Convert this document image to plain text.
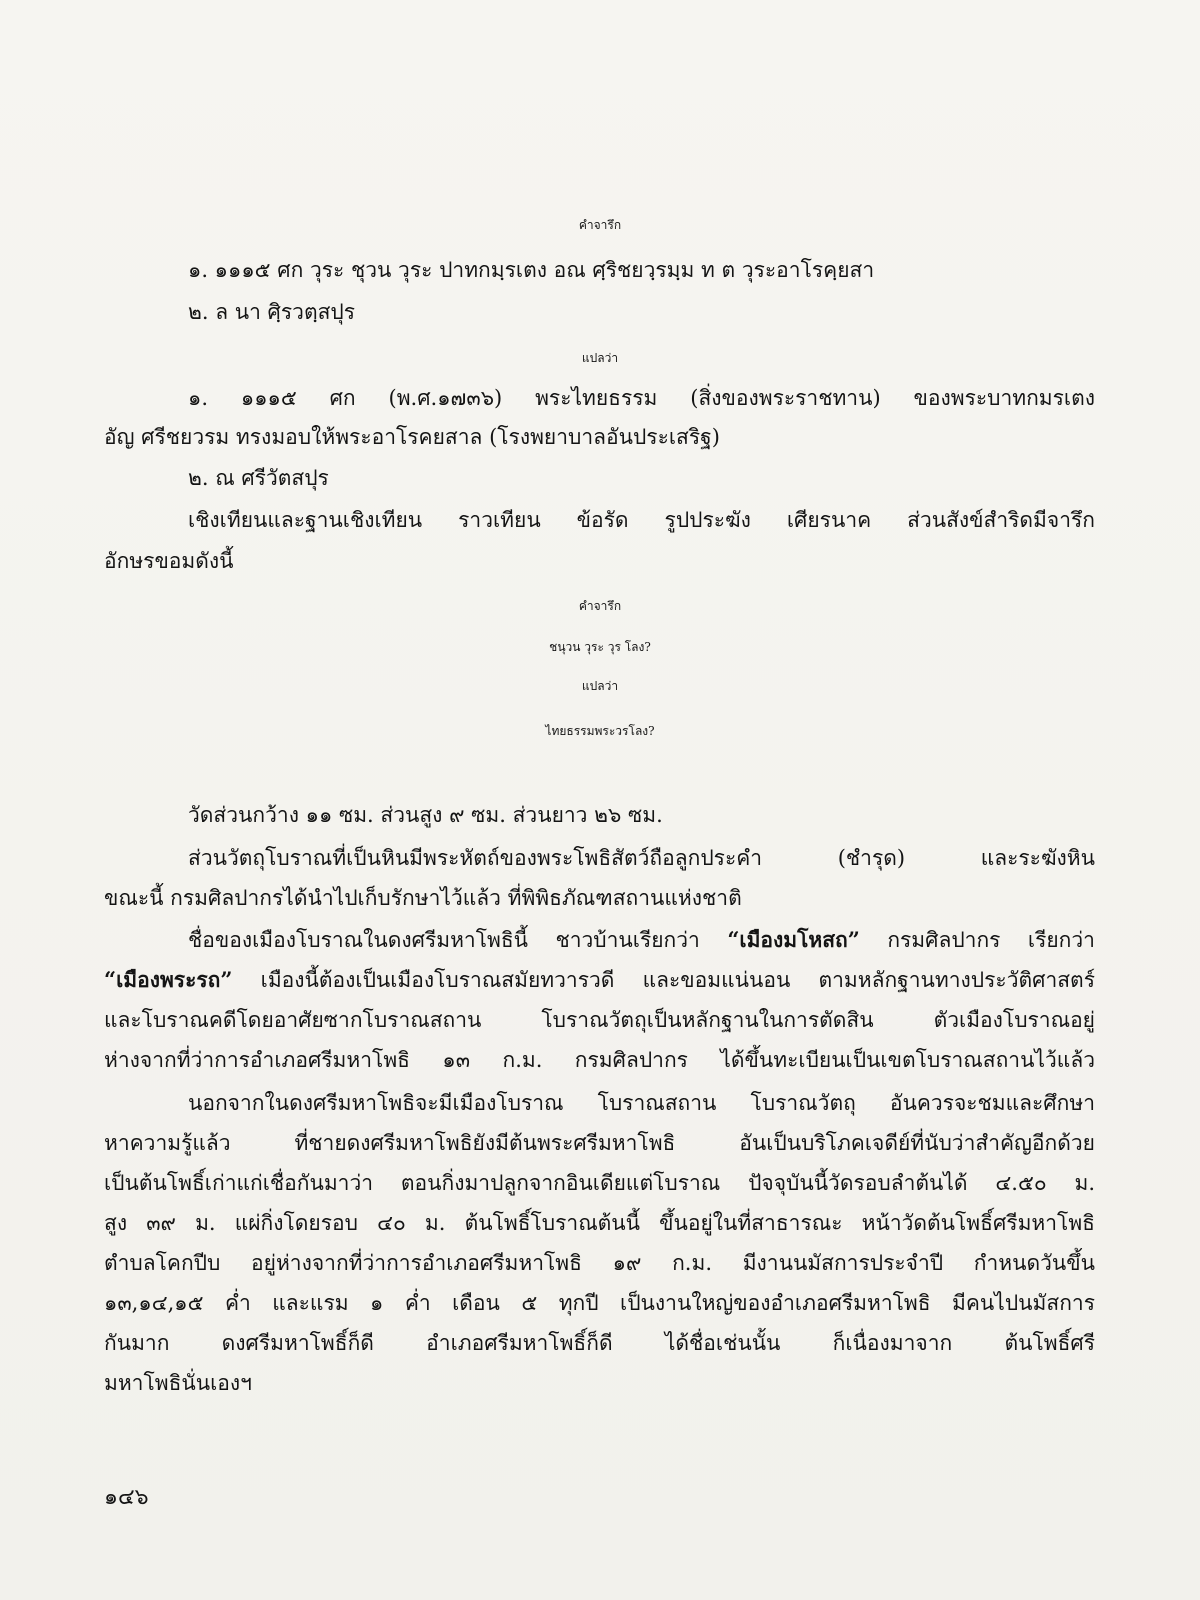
คำจารึก
๑. ๑๑๑๕ ศก วุระ ชุวน วุระ ปาทกมฺรเตง อณ ศฺริชยวฺรมฺม ท ต วุระอาโรคฺยสา
๒. ล นา ศฺิรวตฺสปุร
แปลว่า
๑. ๑๑๑๕ ศก (พ.ศ.๑๗๓๖) พระไทยธรรม (สิ่งของพระราชทาน) ของพระบาทกมรเตง
อัญ ศรีชยวรม ทรงมอบให้พระอาโรคยสาล (โรงพยาบาลอันประเสริฐ)
๒. ณ ศรีวัตสปุร
เชิงเทียนและฐานเชิงเทียน ราวเทียน ข้อรัด รูปประฆัง เศียรนาค ส่วนสังข์สำริดมีจารึก
อักษรขอมดังนี้
คำจารึก
ชนุวน วุระ วุร โลง?
แปลว่า
ไทยธรรมพระวรโลง?
วัดส่วนกว้าง ๑๑ ซม. ส่วนสูง ๙ ซม. ส่วนยาว ๒๖ ซม.
ส่วนวัตถุโบราณที่เป็นหินมีพระหัตถ์ของพระโพธิสัตว์ถือลูกประคำ (ชำรุด) และระฆังหิน
ขณะนี้ กรมศิลปากรได้นำไปเก็บรักษาไว้แล้ว ที่พิพิธภัณฑสถานแห่งชาติ
ชื่อของเมืองโบราณในดงศรีมหาโพธินี้ ชาวบ้านเรียกว่า “เมืองมโหสถ” กรมศิลปากร เรียกว่า
“เมืองพระรถ” เมืองนี้ต้องเป็นเมืองโบราณสมัยทวารวดี และขอมแน่นอน ตามหลักฐานทางประวัติศาสตร์
และโบราณคดีโดยอาศัยซากโบราณสถาน โบราณวัตถุเป็นหลักฐานในการตัดสิน ตัวเมืองโบราณอยู่
ห่างจากที่ว่าการอำเภอศรีมหาโพธิ ๑๓ ก.ม. กรมศิลปากร ได้ขึ้นทะเบียนเป็นเขตโบราณสถานไว้แล้ว
นอกจากในดงศรีมหาโพธิจะมีเมืองโบราณ โบราณสถาน โบราณวัตถุ อันควรจะชมและศึกษา
หาความรู้แล้ว ที่ชายดงศรีมหาโพธิยังมีต้นพระศรีมหาโพธิ อันเป็นบริโภคเจดีย์ที่นับว่าสำคัญอีกด้วย
เป็นต้นโพธิ์เก่าแก่เชื่อกันมาว่า ตอนกิ่งมาปลูกจากอินเดียแต่โบราณ ปัจจุบันนี้วัดรอบลำต้นได้ ๔.๕๐ ม.
สูง ๓๙ ม. แผ่กิ่งโดยรอบ ๔๐ ม. ต้นโพธิ์โบราณต้นนี้ ขึ้นอยู่ในที่สาธารณะ หน้าวัดต้นโพธิ์ศรีมหาโพธิ
ตำบลโคกปีบ อยู่ห่างจากที่ว่าการอำเภอศรีมหาโพธิ ๑๙ ก.ม. มีงานนมัสการประจำปี กำหนดวันขึ้น
๑๓,๑๔,๑๕ ค่ำ และแรม ๑ ค่ำ เดือน ๕ ทุกปี เป็นงานใหญ่ของอำเภอศรีมหาโพธิ มีคนไปนมัสการ
กันมาก ดงศรีมหาโพธิ์ก็ดี อำเภอศรีมหาโพธิ์ก็ดี ได้ชื่อเช่นนั้น ก็เนื่องมาจาก ต้นโพธิ์ศรี
มหาโพธินั่นเองฯ
๑๔๖
